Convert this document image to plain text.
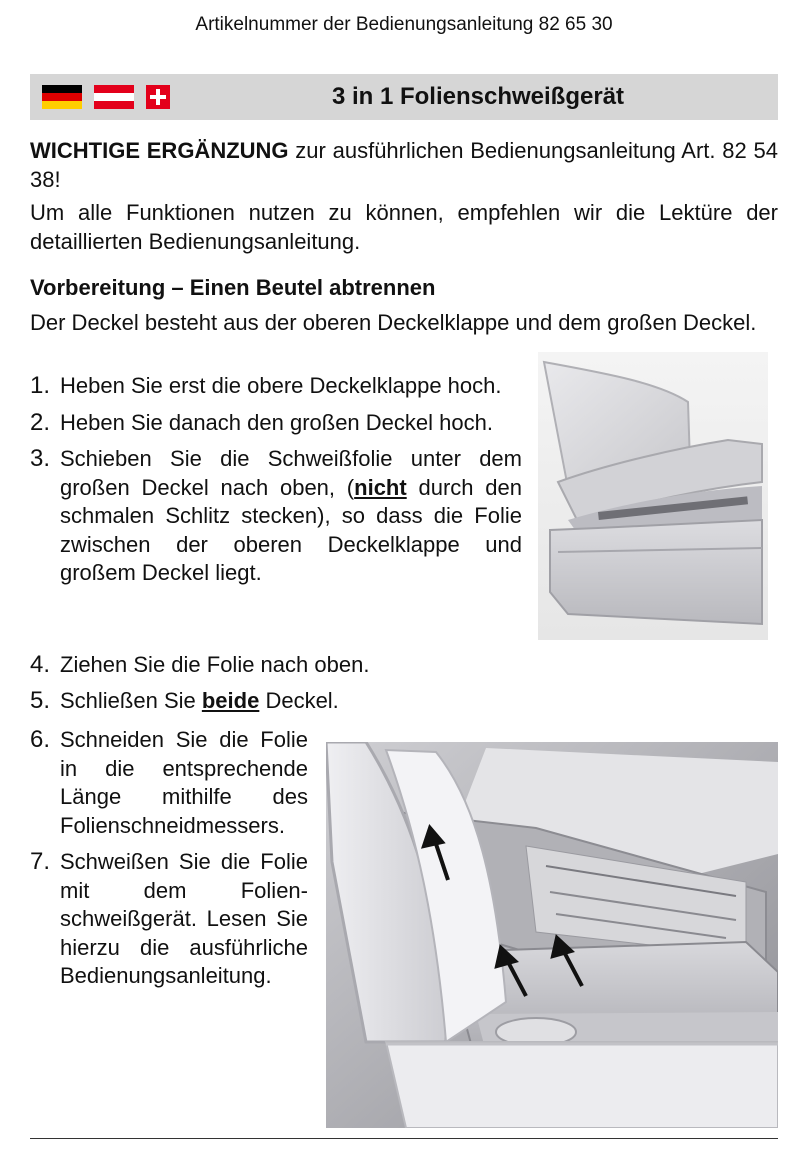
Artikelnummer der Bedienungsanleitung 82 65 30
3 in 1 Folienschweißgerät

WICHTIGE ERGÄNZUNG zur ausführlichen Bedienungsanleitung Art. 82 54 38!

Um alle Funktionen nutzen zu können, empfehlen wir die Lektüre der detaillierten Bedienungsanleitung.

Vorbereitung – Einen Beutel abtrennen

Der Deckel besteht aus der oberen Deckelklappe und dem großen Deckel.

1. Heben Sie erst die obere Deckelklappe hoch.
2. Heben Sie danach den großen Deckel hoch.
3. Schieben Sie die Schweißfolie unter dem großen Deckel nach oben, (nicht durch den schmalen Schlitz stecken), so dass die Folie zwischen der oberen Deckelklappe und großem Deckel liegt.
4. Ziehen Sie die Folie nach oben.
5. Schließen Sie beide Deckel.
6. Schneiden Sie die Folie in die entsprechende Länge mithilfe des Folienschneidmessers.
7. Schweißen Sie die Folie mit dem Folienschweißgerät. Lesen Sie hierzu die ausführliche Bedienungsanleitung.
